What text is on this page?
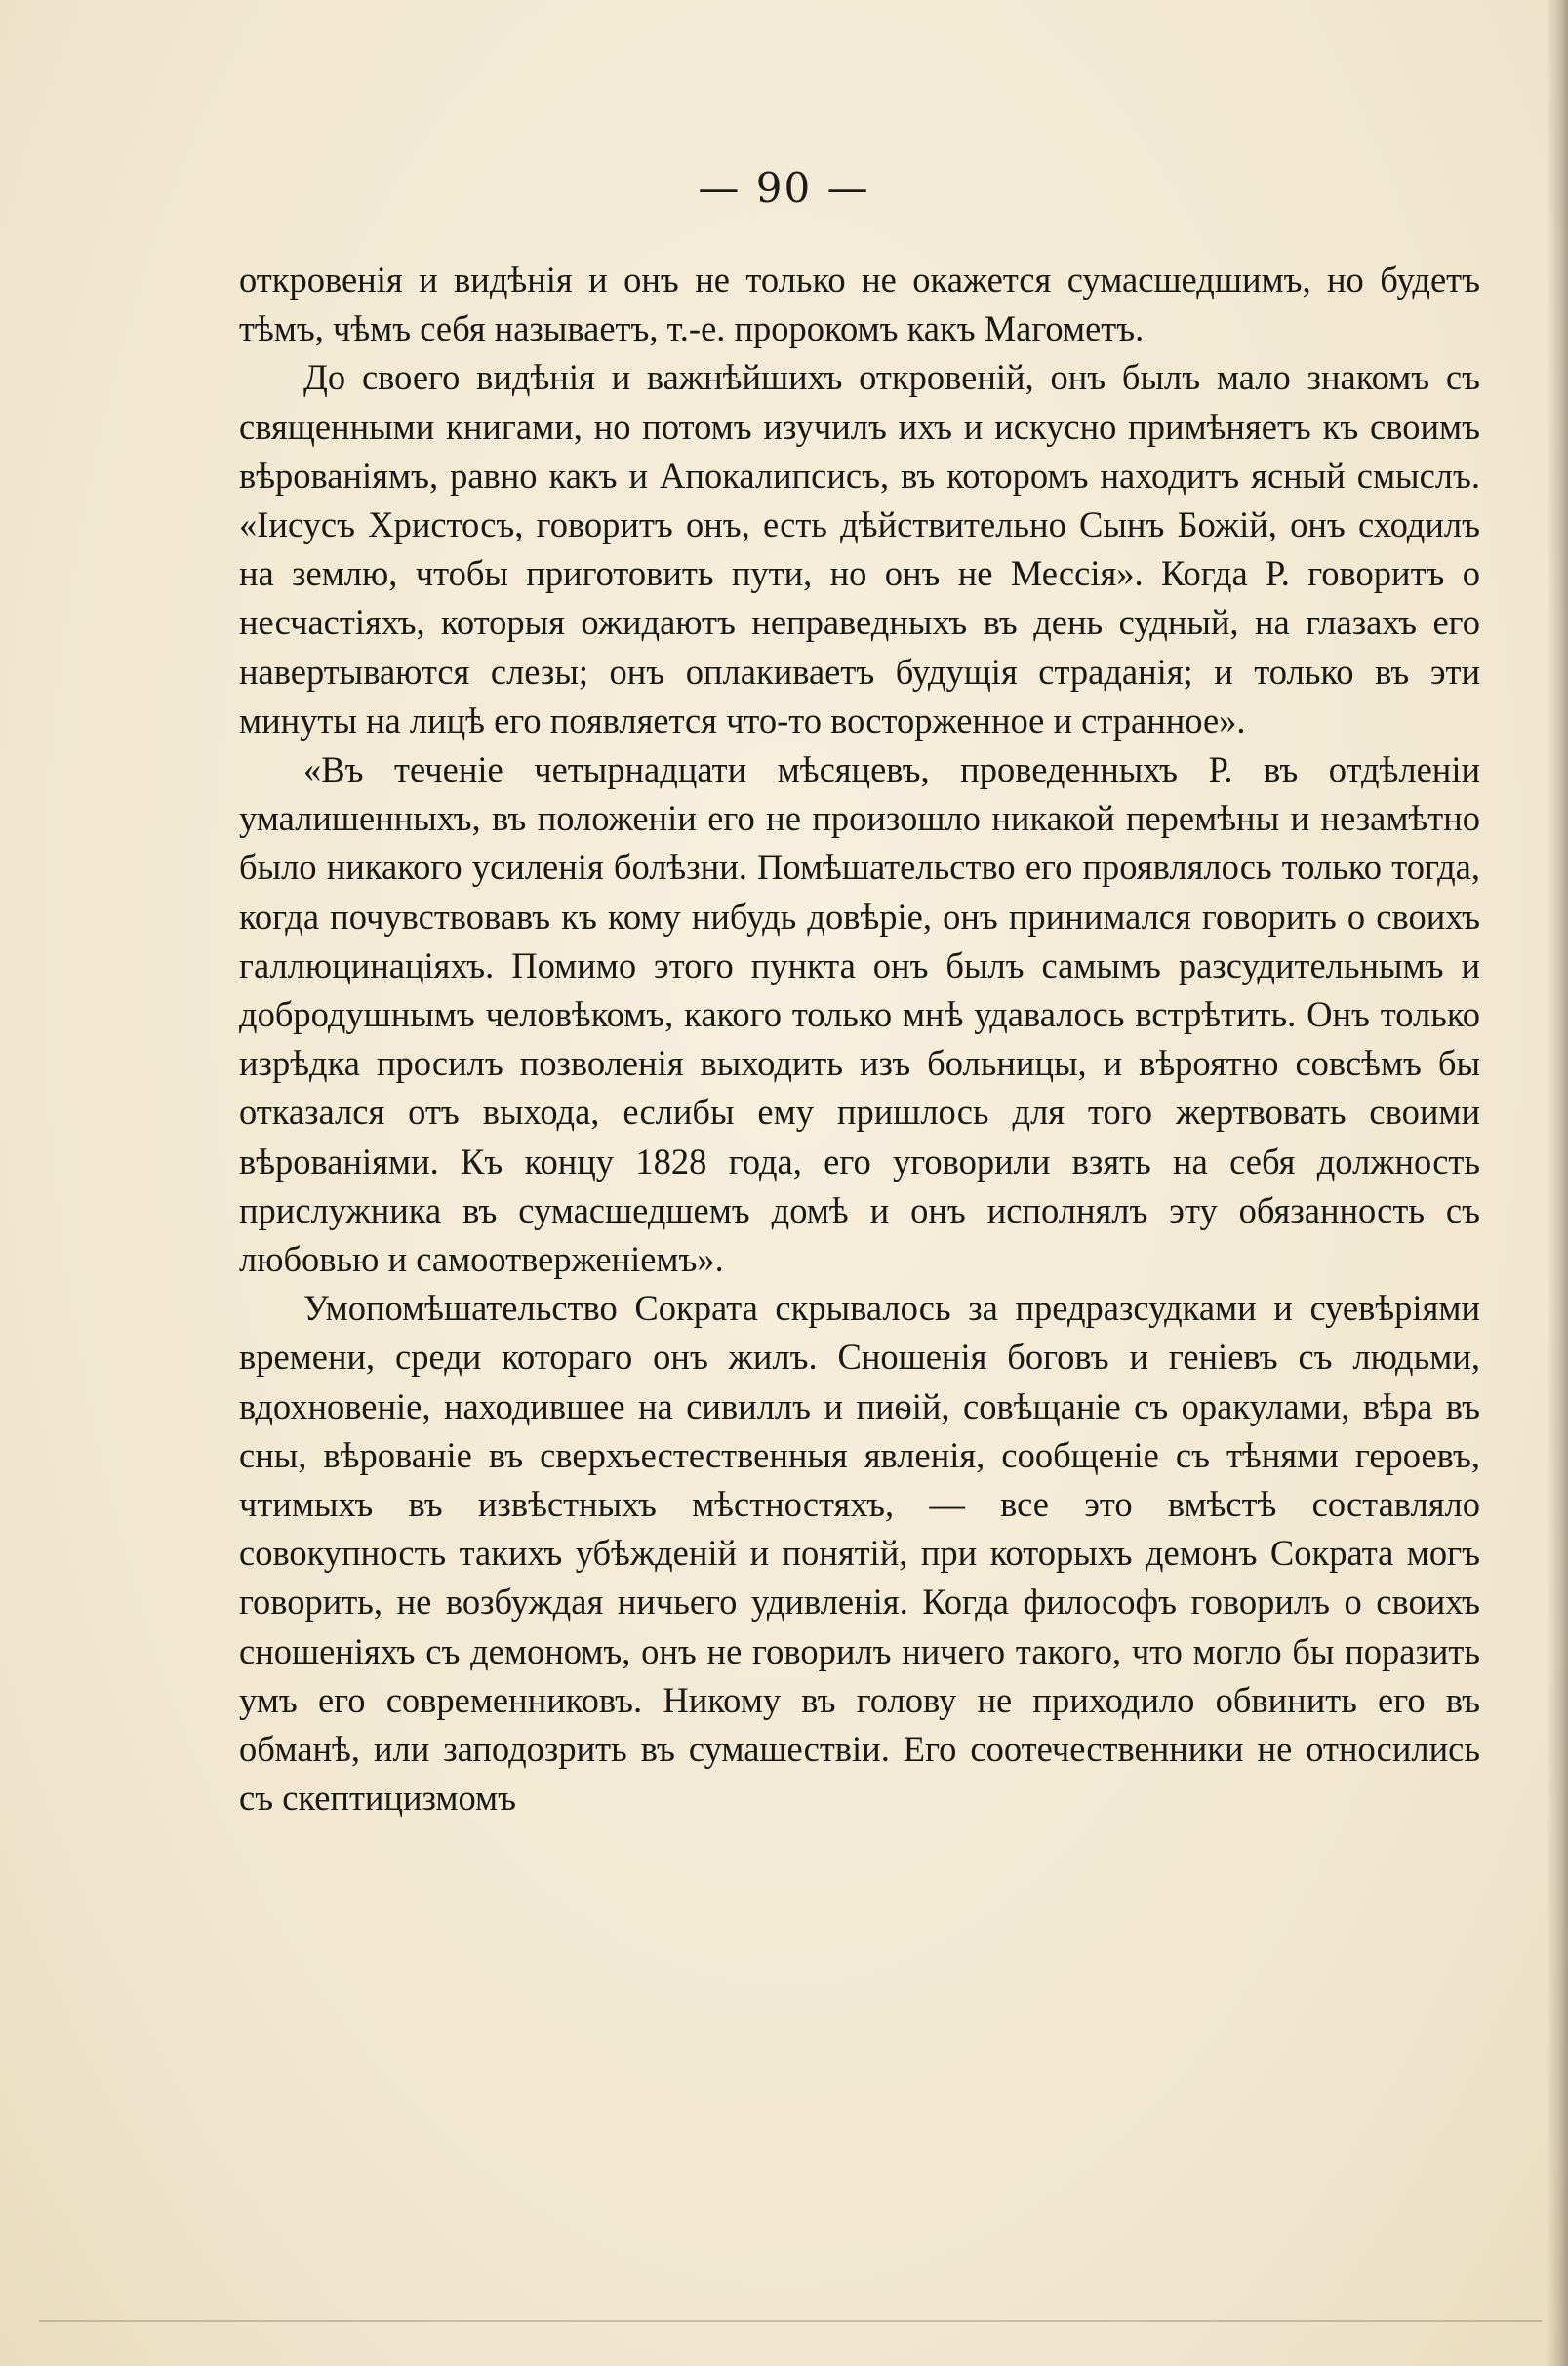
— 90 —

откровенія и видѣнія и онъ не только не окажется сумасшедшимъ, но будетъ тѣмъ, чѣмъ себя называетъ, т.-е. пророкомъ какъ Магометъ.

До своего видѣнія и важнѣйшихъ откровеній, онъ былъ мало знакомъ съ священными книгами, но потомъ изучилъ ихъ и искусно примѣняетъ къ своимъ вѣрованіямъ, равно какъ и Апокалипсисъ, въ которомъ находитъ ясный смыслъ. «Іисусъ Христосъ, говоритъ онъ, есть дѣйствительно Сынъ Божій, онъ сходилъ на землю, чтобы приготовить пути, но онъ не Мессія». Когда Р. говоритъ о несчастіяхъ, которыя ожидаютъ неправедныхъ въ день судный, на глазахъ его навертываются слезы; онъ оплакиваетъ будущія страданія; и только въ эти минуты на лицѣ его появляется что-то восторженное и странное».

«Въ теченіе четырнадцати мѣсяцевъ, проведенныхъ Р. въ отдѣленіи умалишенныхъ, въ положеніи его не произошло никакой перемѣны и незамѣтно было никакого усиленія болѣзни. Помѣшательство его проявлялось только тогда, когда почувствовавъ къ кому нибудь довѣріе, онъ принимался говорить о своихъ галлюцинаціяхъ. Помимо этого пункта онъ былъ самымъ разсудительнымъ и добродушнымъ человѣкомъ, какого только мнѣ удавалось встрѣтить. Онъ только изрѣдка просилъ позволенія выходить изъ больницы, и вѣроятно совсѣмъ бы отказался отъ выхода, еслибы ему пришлось для того жертвовать своими вѣрованіями. Къ концу 1828 года, его уговорили взять на себя должность прислужника въ сумасшедшемъ домѣ и онъ исполнялъ эту обязанность съ любовью и самоотверженіемъ».

Умопомѣшательство Сократа скрывалось за предразсудками и суевѣріями времени, среди котораго онъ жилъ. Сношенія боговъ и геніевъ съ людьми, вдохновеніе, находившее на сивиллъ и пиѳій, совѣщаніе съ оракулами, вѣра въ сны, вѣрованіе въ сверхъестественныя явленія, сообщеніе съ тѣнями героевъ, чтимыхъ въ извѣстныхъ мѣстностяхъ, — все это вмѣстѣ составляло совокупность такихъ убѣжденій и понятій, при которыхъ демонъ Сократа могъ говорить, не возбуждая ничьего удивленія. Когда философъ говорилъ о своихъ сношеніяхъ съ демономъ, онъ не говорилъ ничего такого, что могло бы поразить умъ его современниковъ. Никому въ голову не приходило обвинить его въ обманѣ, или заподозрить въ сумашествіи. Его соотечественники не относились съ скептицизмомъ
